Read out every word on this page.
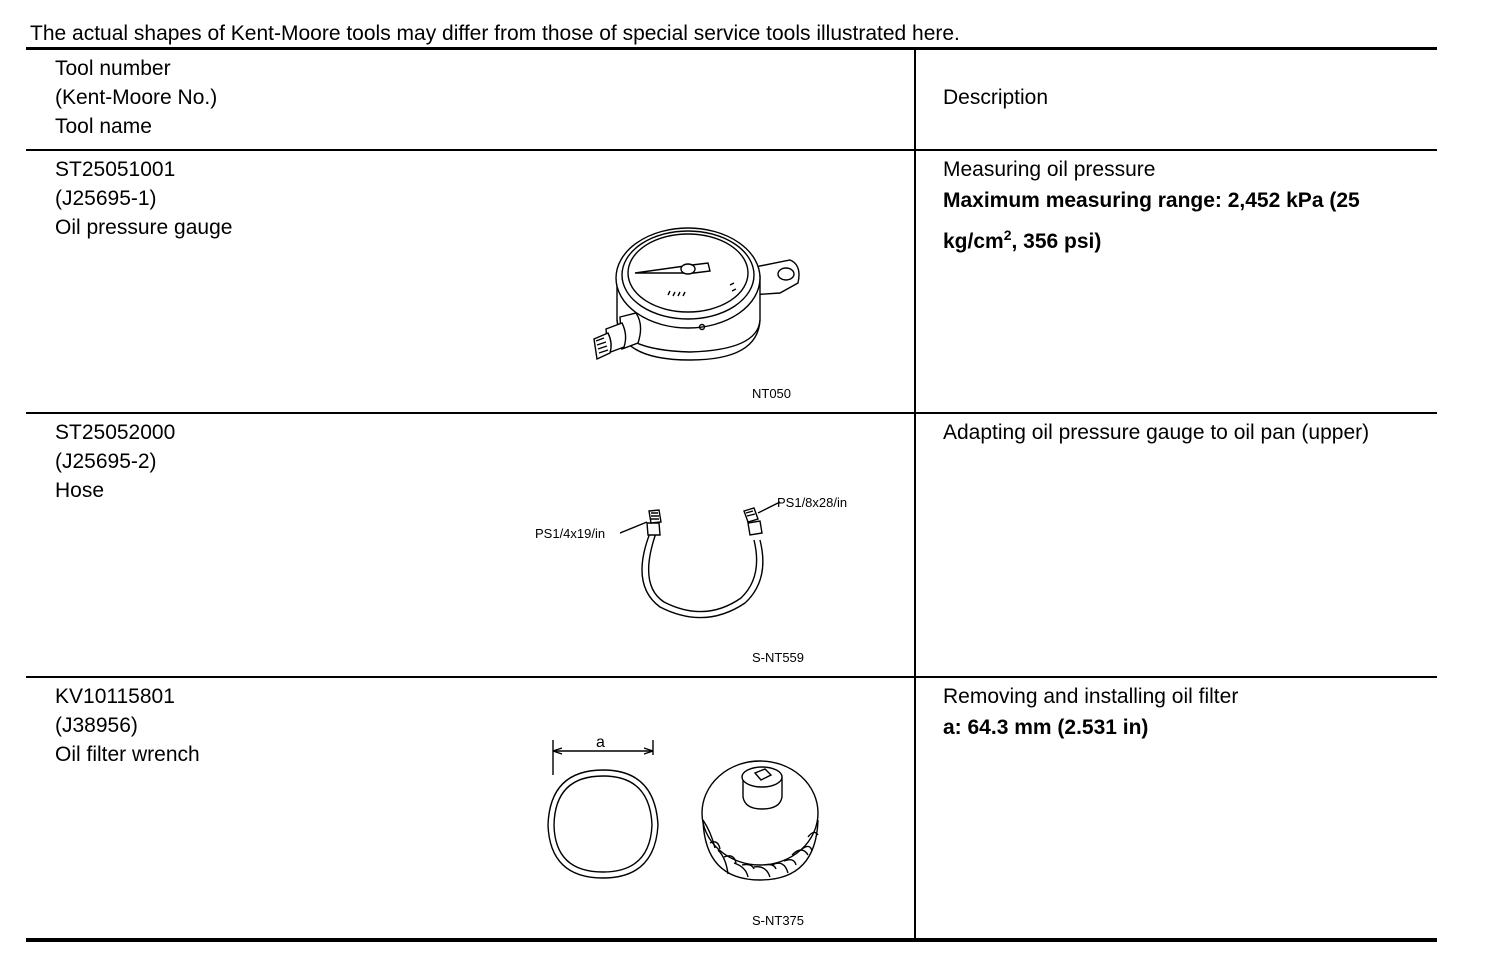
The actual shapes of Kent-Moore tools may differ from those of special service tools illustrated here.
Tool number
(Kent-Moore No.)
Tool name
Description
ST25051001
(J25695-1)
Oil pressure gauge
Measuring oil pressure
Maximum measuring range: 2,452 kPa (25 $kg/cm^2$, 356 psi)
NT050
ST25052000
(J25695-2)
Hose
Adapting oil pressure gauge to oil pan (upper)
PS1/4x19/in
PS1/8x28/in
S-NT559
KV10115801
(J38956)
Oil filter wrench
Removing and installing oil filter
a: 64.3 mm (2.531 in)
a
S-NT375
